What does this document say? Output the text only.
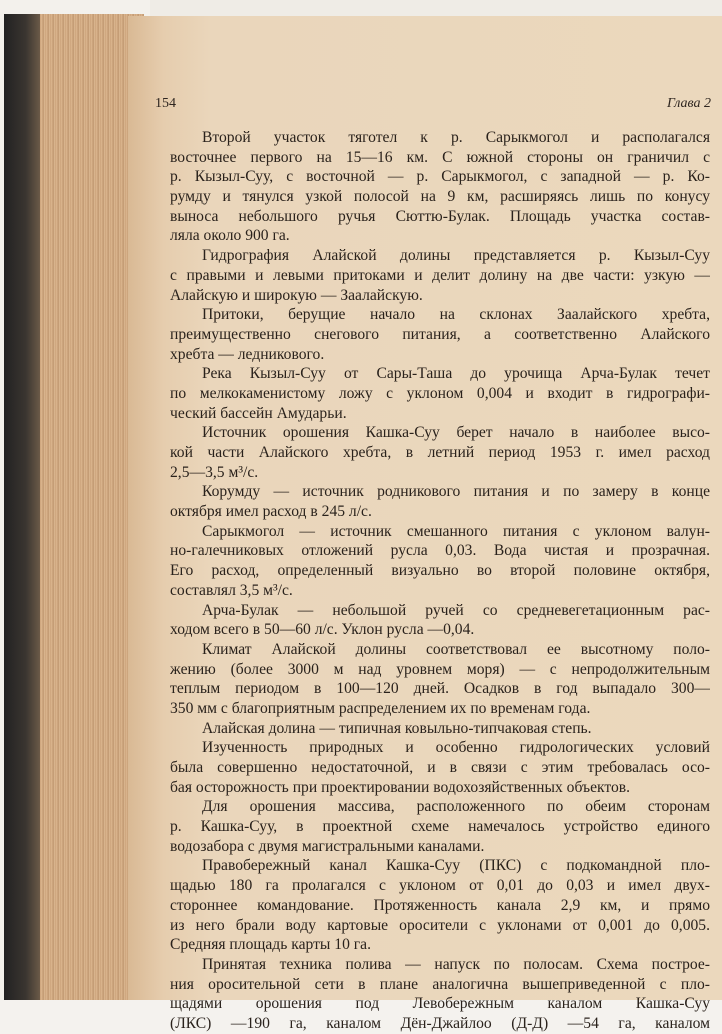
154	Глава 2
Второй участок тяготел к р. Сарыкмогол и располагался
восточнее первого на 15—16 км. С южной стороны он граничил с
р. Кызыл-Суу, с восточной — р. Сарыкмогол, с западной — р. Ко-
румду и тянулся узкой полосой на 9 км, расширяясь лишь по конусу
выноса небольшого ручья Сюттю-Булак. Площадь участка состав-
ляла около 900 га.
Гидрография Алайской долины представляется р. Кызыл-Суу
с правыми и левыми притоками и делит долину на две части: узкую —
Алайскую и широкую — Заалайскую.
Притоки, берущие начало на склонах Заалайского хребта,
преимущественно снегового питания, а соответственно Алайского
хребта — ледникового.
Река Кызыл-Суу от Сары-Таша до урочища Арча-Булак течет
по мелкокаменистому ложу с уклоном 0,004 и входит в гидрографи-
ческий бассейн Амударьи.
Источник орошения Кашка-Суу берет начало в наиболее высо-
кой части Алайского хребта, в летний период 1953 г. имел расход
2,5—3,5 м³/с.
Корумду — источник родникового питания и по замеру в конце
октября имел расход в 245 л/с.
Сарыкмогол — источник смешанного питания с уклоном валун-
но-галечниковых отложений русла 0,03. Вода чистая и прозрачная.
Его расход, определенный визуально во второй половине октября,
составлял 3,5 м³/с.
Арча-Булак — небольшой ручей со средневегетационным рас-
ходом всего в 50—60 л/с. Уклон русла —0,04.
Климат Алайской долины соответствовал ее высотному поло-
жению (более 3000 м над уровнем моря) — с непродолжительным
теплым периодом в 100—120 дней. Осадков в год выпадало 300—
350 мм с благоприятным распределением их по временам года.
Алайская долина — типичная ковыльно-типчаковая степь.
Изученность природных и особенно гидрологических условий
была совершенно недостаточной, и в связи с этим требовалась осо-
бая осторожность при проектировании водохозяйственных объектов.
Для орошения массива, расположенного по обеим сторонам
р. Кашка-Суу, в проектной схеме намечалось устройство единого
водозабора с двумя магистральными каналами.
Правобережный канал Кашка-Суу (ПКС) с подкомандной пло-
щадью 180 га пролагался с уклоном от 0,01 до 0,03 и имел двух-
стороннее командование. Протяженность канала 2,9 км, и прямо
из него брали воду картовые оросители с уклонами от 0,001 до 0,005.
Средняя площадь карты 10 га.
Принятая техника полива — напуск по полосам. Схема построе-
ния оросительной сети в плане аналогична вышеприведенной с пло-
щадями орошения под Левобережным каналом Кашка-Суу
(ЛКС) —190 га, каналом Дён-Джайлоо (Д-Д) —54 га, каналом
